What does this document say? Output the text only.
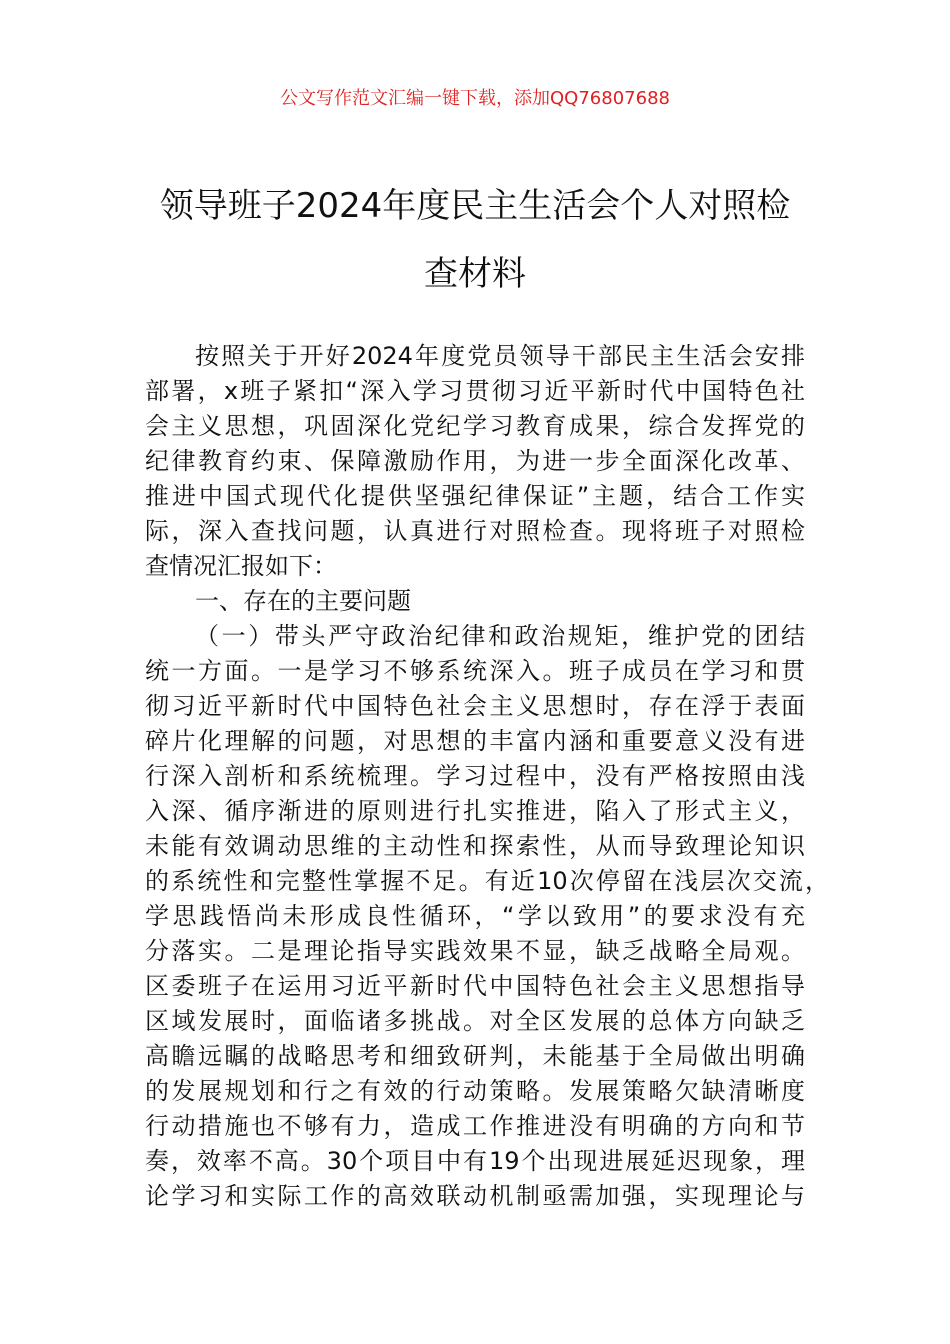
公文写作范文汇编一键下载，添加QQ76807688
领导班子2024年度民主生活会个人对照检
查材料
按照关于开好2024年度党员领导干部民主生活会安排
部署，x班子紧扣“深入学习贯彻习近平新时代中国特色社
会主义思想，巩固深化党纪学习教育成果，综合发挥党的
纪律教育约束、保障激励作用，为进一步全面深化改革、
推进中国式现代化提供坚强纪律保证”主题，结合工作实
际，深入查找问题，认真进行对照检查。现将班子对照检
查情况汇报如下：
一、存在的主要问题
（一）带头严守政治纪律和政治规矩，维护党的团结
统一方面。一是学习不够系统深入。班子成员在学习和贯
彻习近平新时代中国特色社会主义思想时，存在浮于表面
碎片化理解的问题，对思想的丰富内涵和重要意义没有进
行深入剖析和系统梳理。学习过程中，没有严格按照由浅
入深、循序渐进的原则进行扎实推进，陷入了形式主义，
未能有效调动思维的主动性和探索性，从而导致理论知识
的系统性和完整性掌握不足。有近10次停留在浅层次交流，
学思践悟尚未形成良性循环，“学以致用”的要求没有充
分落实。二是理论指导实践效果不显，缺乏战略全局观。
区委班子在运用习近平新时代中国特色社会主义思想指导
区域发展时，面临诸多挑战。对全区发展的总体方向缺乏
高瞻远瞩的战略思考和细致研判，未能基于全局做出明确
的发展规划和行之有效的行动策略。发展策略欠缺清晰度
行动措施也不够有力，造成工作推进没有明确的方向和节
奏，效率不高。30个项目中有19个出现进展延迟现象，理
论学习和实际工作的高效联动机制亟需加强，实现理论与
